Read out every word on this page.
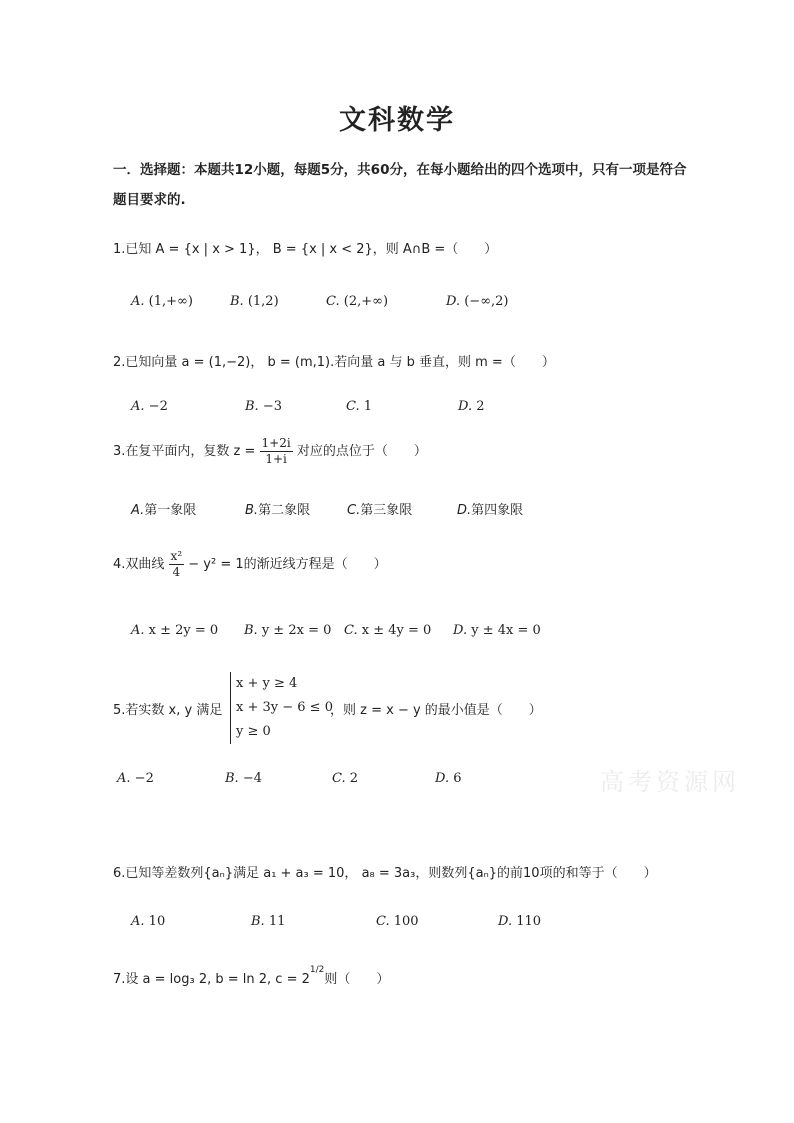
文科数学
一．选择题：本题共12小题，每题5分，共60分，在每小题给出的四个选项中，只有一项是符合题目要求的.
1.已知 A = {x | x > 1}， B = {x | x < 2}，则 A∩B =（　　）
A. (1,+∞)	B. (1,2)	C. (2,+∞)	D. (−∞,2)
2.已知向量 a = (1,−2)， b = (m,1).若向量 a 与 b 垂直，则 m =（　　）
A. −2	B. −3	C. 1	D. 2
3.在复平面内，复数 $z = \frac{1+2i}{1+i}$ 对应的点位于（　　）
A.第一象限	B.第二象限	C.第三象限	D.第四象限
4.双曲线 $\frac{\text{x²}}{4} - y^2 = 1$的渐近线方程是（　　）
A. x ± 2y = 0 B. y ± 2x = 0 C. x ± 4y = 0 D. y ± 4x = 0
5.若实数 x, y 满足
x + y ≥ 4
x + 3y − 6 ≤ 0
y ≥ 0
，则 z = x − y 的最小值是（　　）
A. −2	B. −4	C. 2	D. 6	高考资源网
6.已知等差数列{aₙ}满足 a₁ + a₃ = 10， a₈ = 3a₃，则数列{aₙ}的前10项的和等于（　　）
A. 10	B. 11	C. 100	D. 110
7.设 a = log₃ 2, b = ln 2, $c = 2^{1/2}$则（　　）
